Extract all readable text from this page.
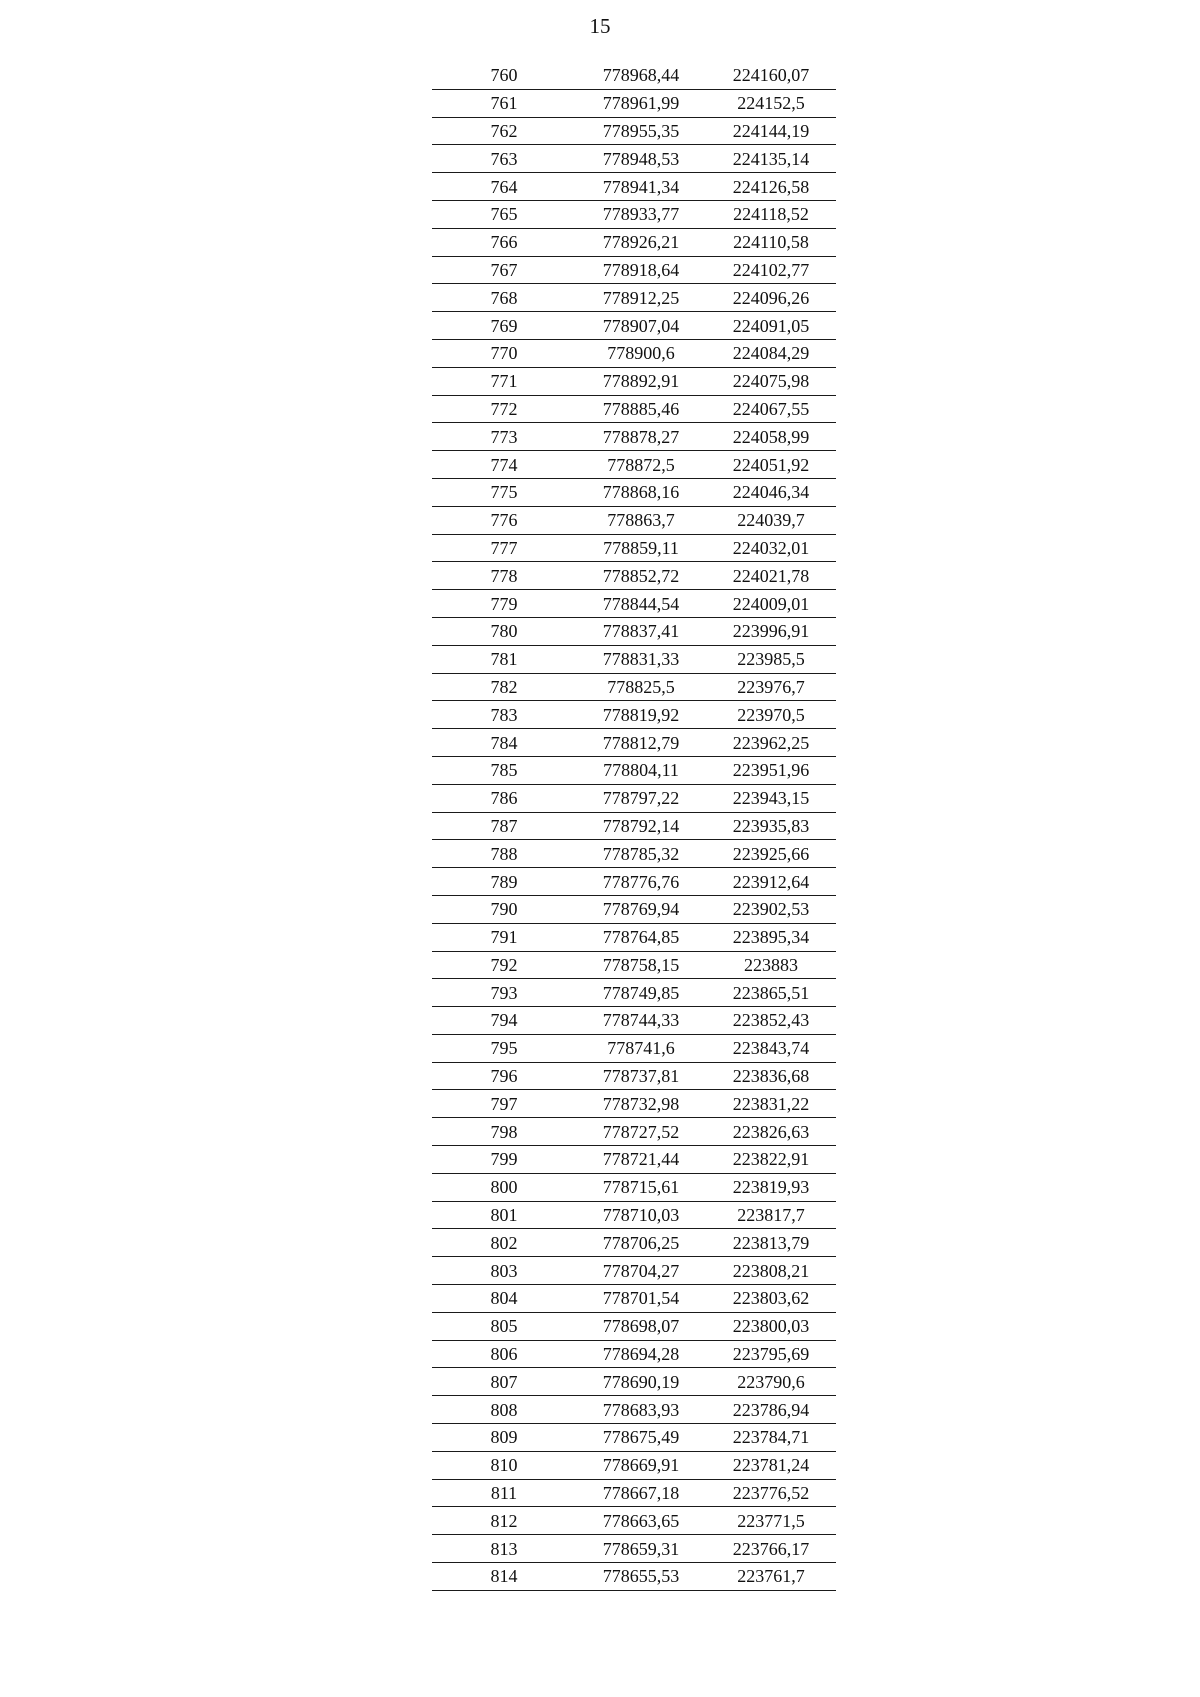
15
760	778968,44	224160,07
761	778961,99	224152,5
762	778955,35	224144,19
763	778948,53	224135,14
764	778941,34	224126,58
765	778933,77	224118,52
766	778926,21	224110,58
767	778918,64	224102,77
768	778912,25	224096,26
769	778907,04	224091,05
770	778900,6	224084,29
771	778892,91	224075,98
772	778885,46	224067,55
773	778878,27	224058,99
774	778872,5	224051,92
775	778868,16	224046,34
776	778863,7	224039,7
777	778859,11	224032,01
778	778852,72	224021,78
779	778844,54	224009,01
780	778837,41	223996,91
781	778831,33	223985,5
782	778825,5	223976,7
783	778819,92	223970,5
784	778812,79	223962,25
785	778804,11	223951,96
786	778797,22	223943,15
787	778792,14	223935,83
788	778785,32	223925,66
789	778776,76	223912,64
790	778769,94	223902,53
791	778764,85	223895,34
792	778758,15	223883
793	778749,85	223865,51
794	778744,33	223852,43
795	778741,6	223843,74
796	778737,81	223836,68
797	778732,98	223831,22
798	778727,52	223826,63
799	778721,44	223822,91
800	778715,61	223819,93
801	778710,03	223817,7
802	778706,25	223813,79
803	778704,27	223808,21
804	778701,54	223803,62
805	778698,07	223800,03
806	778694,28	223795,69
807	778690,19	223790,6
808	778683,93	223786,94
809	778675,49	223784,71
810	778669,91	223781,24
811	778667,18	223776,52
812	778663,65	223771,5
813	778659,31	223766,17
814	778655,53	223761,7
